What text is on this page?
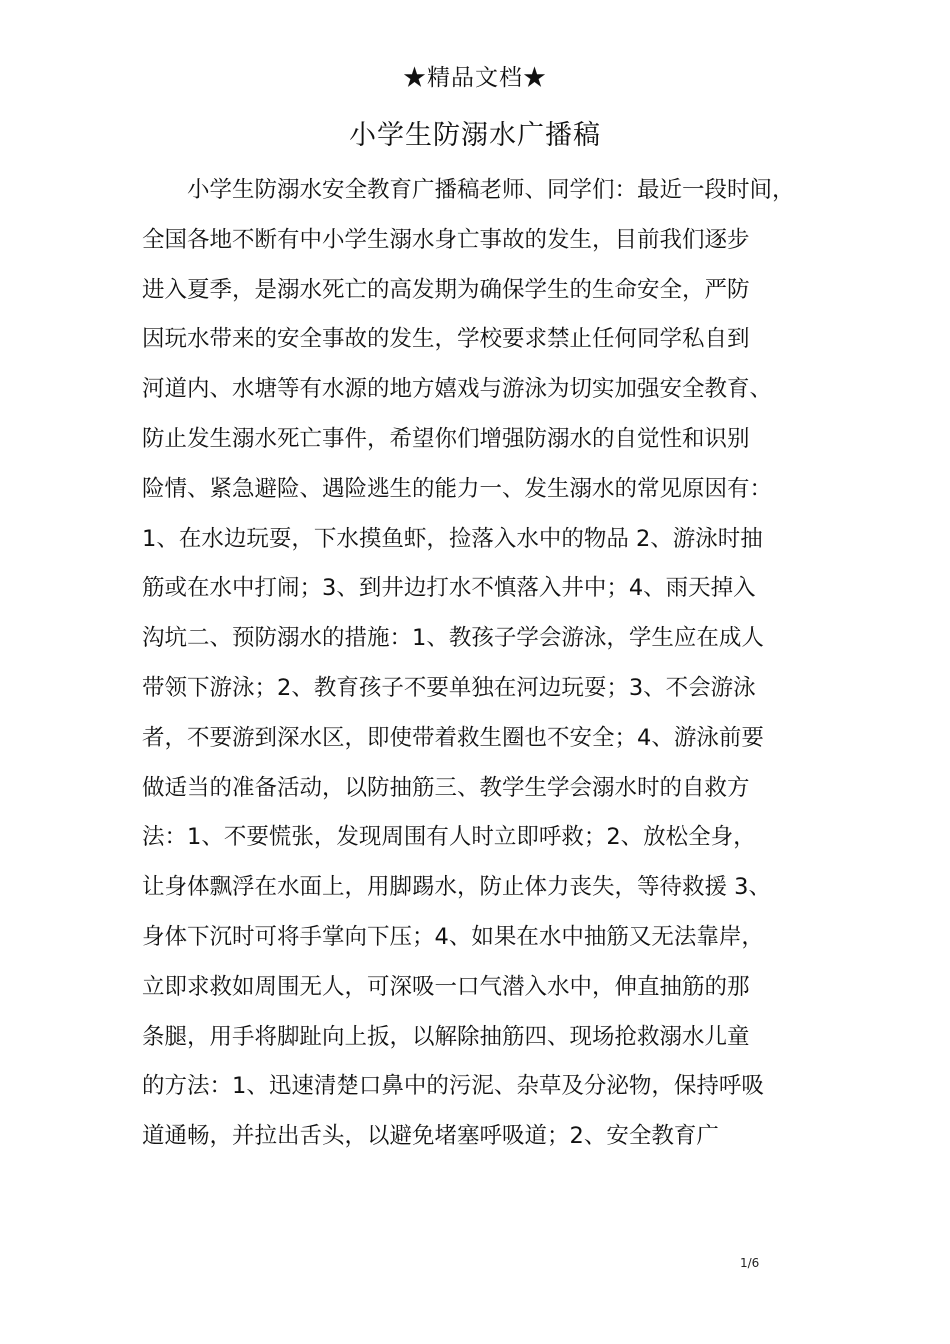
★精品文档★
小学生防溺水广播稿
小学生防溺水安全教育广播稿老师、同学们：最近一段时间，
全国各地不断有中小学生溺水身亡事故的发生，目前我们逐步
进入夏季，是溺水死亡的高发期为确保学生的生命安全，严防
因玩水带来的安全事故的发生，学校要求禁止任何同学私自到
河道内、水塘等有水源的地方嬉戏与游泳为切实加强安全教育、
防止发生溺水死亡事件，希望你们增强防溺水的自觉性和识别
险情、紧急避险、遇险逃生的能力一、发生溺水的常见原因有：
1、在水边玩耍，下水摸鱼虾，捡落入水中的物品 2、游泳时抽
筋或在水中打闹；3、到井边打水不慎落入井中；4、雨天掉入
沟坑二、预防溺水的措施：1、教孩子学会游泳，学生应在成人
带领下游泳；2、教育孩子不要单独在河边玩耍；3、不会游泳
者，不要游到深水区，即使带着救生圈也不安全；4、游泳前要
做适当的准备活动，以防抽筋三、教学生学会溺水时的自救方
法：1、不要慌张，发现周围有人时立即呼救；2、放松全身，
让身体飘浮在水面上，用脚踢水，防止体力丧失，等待救援 3、
身体下沉时可将手掌向下压；4、如果在水中抽筋又无法靠岸，
立即求救如周围无人，可深吸一口气潜入水中，伸直抽筋的那
条腿，用手将脚趾向上扳，以解除抽筋四、现场抢救溺水儿童
的方法：1、迅速清楚口鼻中的污泥、杂草及分泌物，保持呼吸
道通畅，并拉出舌头，以避免堵塞呼吸道；2、安全教育广
1/6
